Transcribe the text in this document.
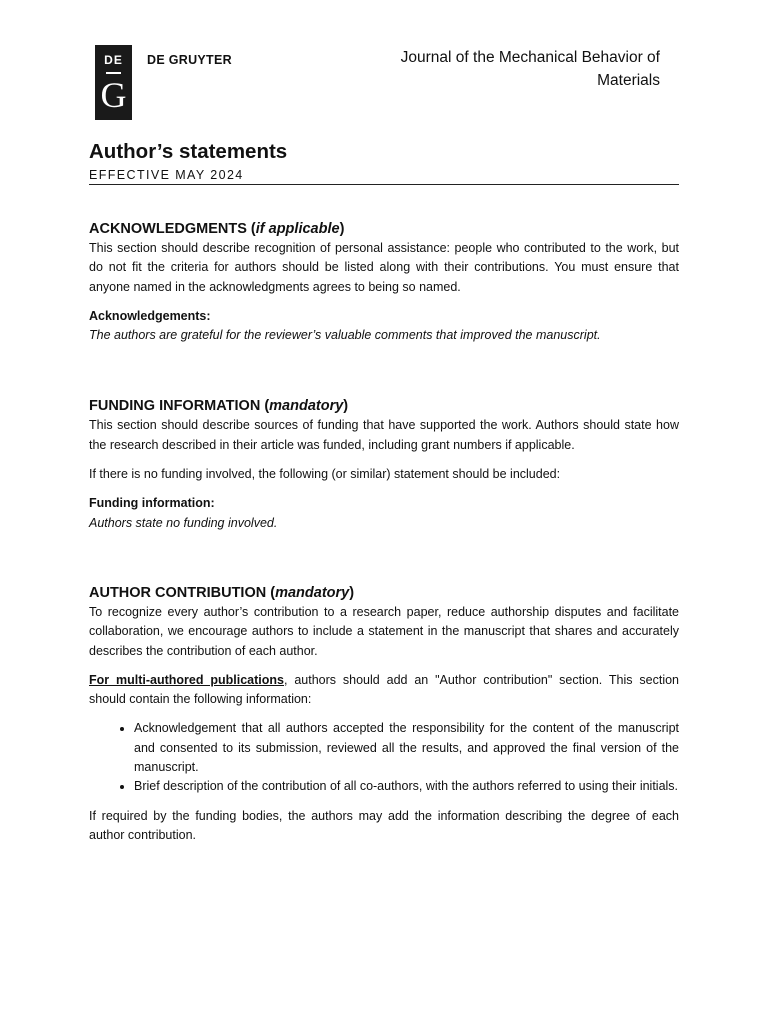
DE
G
DE GRUYTER	Journal of the Mechanical Behavior of
Materials
Author’s statements
EFFECTIVE MAY 2024
ACKNOWLEDGMENTS (if applicable)

This section should describe recognition of personal assistance: people who contributed to the work, but do not fit the criteria for authors should be listed along with their contributions. You must ensure that anyone named in the acknowledgments agrees to being so named.

Acknowledgements:

The authors are grateful for the reviewer’s valuable comments that improved the manuscript.

FUNDING INFORMATION (mandatory)

This section should describe sources of funding that have supported the work. Authors should state how the research described in their article was funded, including grant numbers if applicable.

If there is no funding involved, the following (or similar) statement should be included:

Funding information:

Authors state no funding involved.

AUTHOR CONTRIBUTION (mandatory)

To recognize every author’s contribution to a research paper, reduce authorship disputes and facilitate collaboration, we encourage authors to include a statement in the manuscript that shares and accurately describes the contribution of each author.

For multi-authored publications, authors should add an "Author contribution" section. This section should contain the following information:

• Acknowledgement that all authors accepted the responsibility for the content of the manuscript and consented to its submission, reviewed all the results, and approved the final version of the manuscript.
• Brief description of the contribution of all co-authors, with the authors referred to using their initials.

If required by the funding bodies, the authors may add the information describing the degree of each author contribution.
